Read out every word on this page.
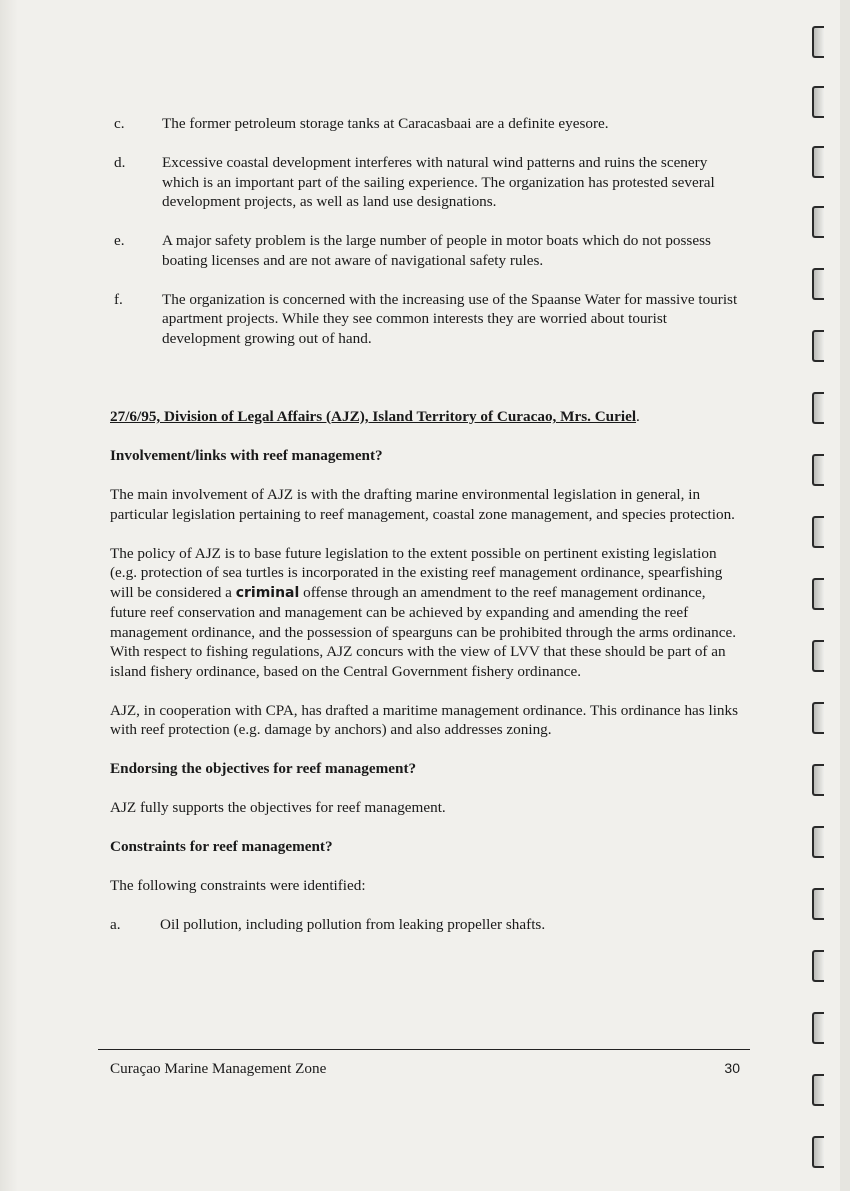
c. The former petroleum storage tanks at Caracasbaai are a definite eyesore.
d. Excessive coastal development interferes with natural wind patterns and ruins the scenery which is an important part of the sailing experience. The organization has protested several development projects, as well as land use designations.
e. A major safety problem is the large number of people in motor boats which do not possess boating licenses and are not aware of navigational safety rules.
f.	The organization is concerned with the increasing use of the Spaanse Water for massive tourist apartment projects. While they see common interests they are worried about tourist development growing out of hand.
27/6/95, Division of Legal Affairs (AJZ), Island Territory of Curacao, Mrs. Curiel.
Involvement/links with reef management?

The main involvement of AJZ is with the drafting marine environmental legislation in general, in particular legislation pertaining to reef management, coastal zone management, and species protection.

The policy of AJZ is to base future legislation to the extent possible on pertinent existing legislation (e.g. protection of sea turtles is incorporated in the existing reef management ordinance, spearfishing will be considered a criminal offense through an amendment to the reef management ordinance, future reef conservation and management can be achieved by expanding and amending the reef management ordinance, and the possession of spearguns can be prohibited through the arms ordinance. With respect to fishing regulations, AJZ concurs with the view of LVV that these should be part of an island fishery ordinance, based on the Central Government fishery ordinance.

AJZ, in cooperation with CPA, has drafted a maritime management ordinance. This ordinance has links with reef protection (e.g. damage by anchors) and also addresses zoning.

Endorsing the objectives for reef management?

AJZ fully supports the objectives for reef management.

Constraints for reef management?

The following constraints were identified:

a.	Oil pollution, including pollution from leaking propeller shafts.
Curaçao Marine Management Zone	30
